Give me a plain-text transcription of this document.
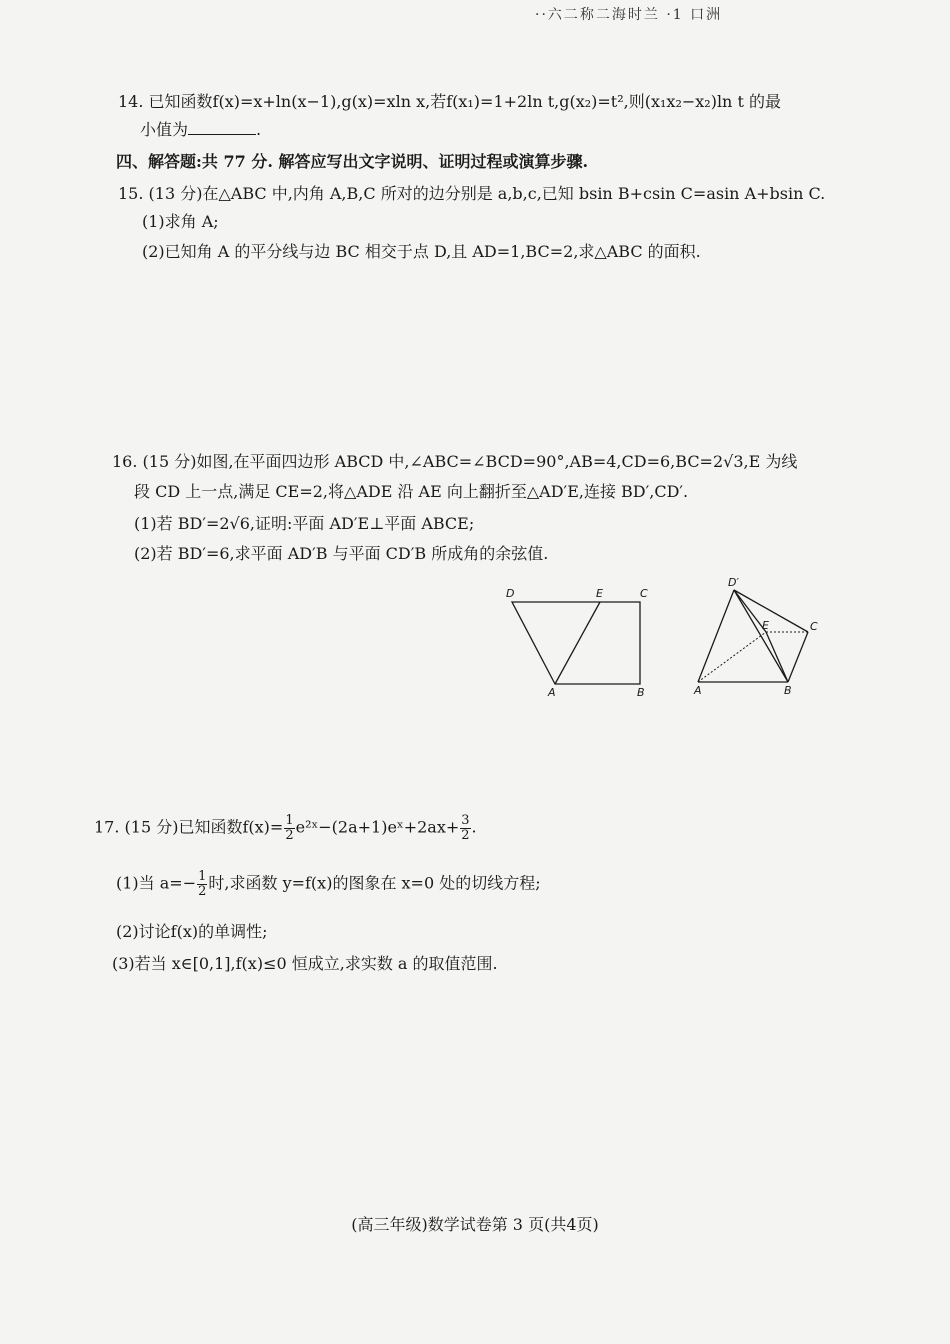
··六二称二海时兰 ·1 口洲
14. 已知函数f(x)=x+ln(x−1),g(x)=xln x,若f(x₁)=1+2ln t,g(x₂)=t²,则(x₁x₂−x₂)ln t 的最
小值为	.
四、解答题:共 77 分. 解答应写出文字说明、证明过程或演算步骤.
15. (13 分)在△ABC 中,内角 A,B,C 所对的边分别是 a,b,c,已知 bsin B+csin C=asin A+bsin C.
(1)求角 A;
(2)已知角 A 的平分线与边 BC 相交于点 D,且 AD=1,BC=2,求△ABC 的面积.
16. (15 分)如图,在平面四边形 ABCD 中,∠ABC=∠BCD=90°,AB=4,CD=6,BC=2√3,E 为线
段 CD 上一点,满足 CE=2,将△ADE 沿 AE 向上翻折至△AD′E,连接 BD′,CD′.
(1)若 BD′=2√6,证明:平面 AD′E⊥平面 ABCE;
(2)若 BD′=6,求平面 AD′B 与平面 CD′B 所成角的余弦值.
D	E	C
A	B
D′
E	C
A	B
17. (15 分)已知函数$f(x)= \frac{1}{2}$ e²ˣ−(2a+1)eˣ+2ax+ $\frac{3}{2}$ .
(1)当 $a=- \frac{1}{2}$ 时,求函数 y=f(x)的图象在 x=0 处的切线方程;
(2)讨论f(x)的单调性;
(3)若当 x∈[0,1],f(x)≤0 恒成立,求实数 a 的取值范围.
(高三年级)数学试卷第 3 页(共4页)
